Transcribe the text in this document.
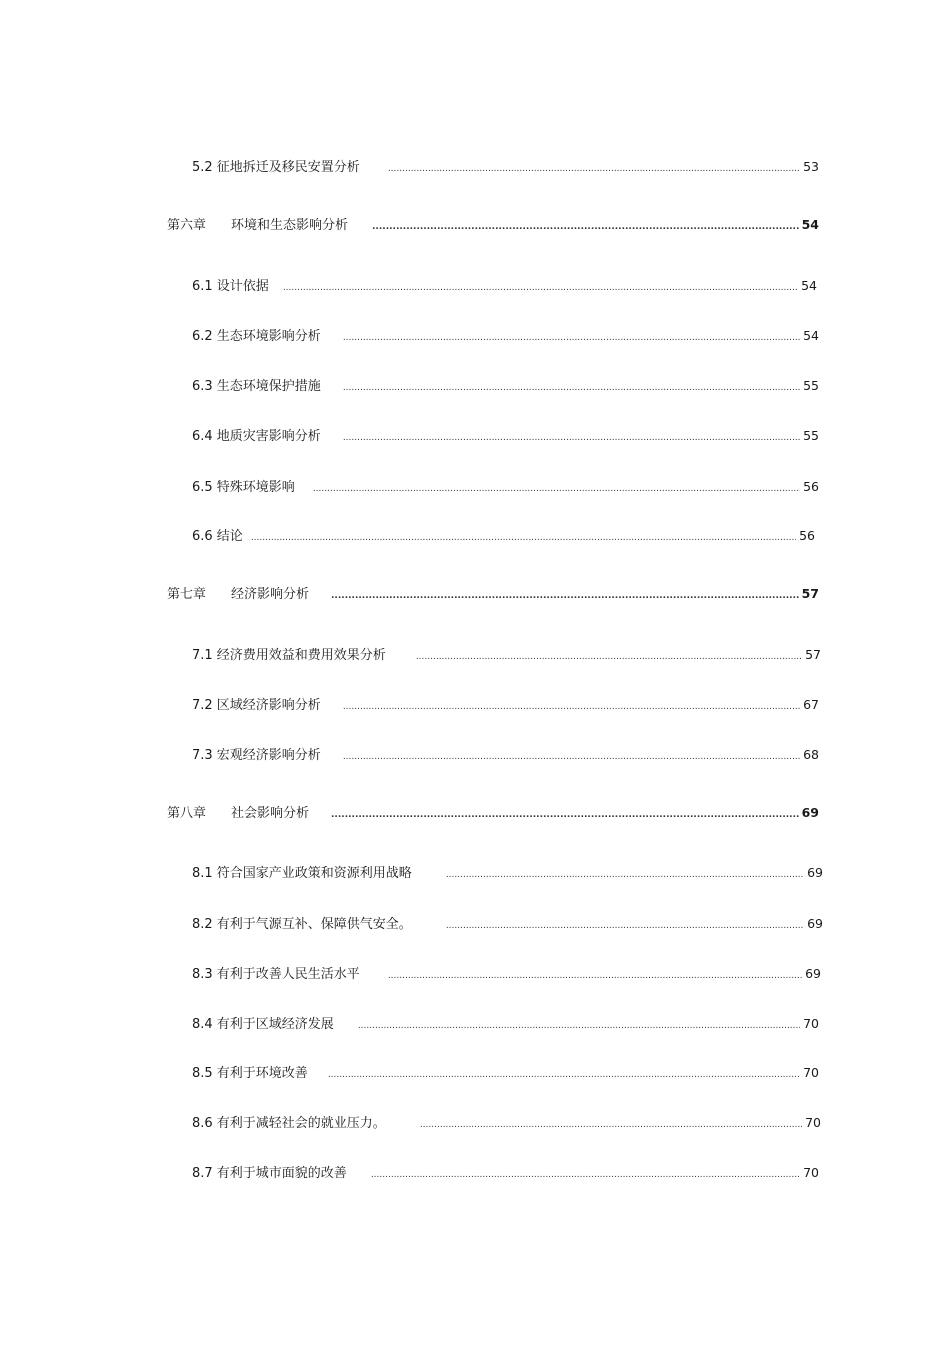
5.2 征地拆迁及移民安置分析 .....	53
第六章 环境和生态影响分析 .....	54
6.1 设计依据 .....	54
6.2 生态环境影响分析 .....	54
6.3 生态环境保护措施 .....	55
6.4 地质灾害影响分析 .....	55
6.5 特殊环境影响 .....	56
6.6 结论 .....	56
第七章 经济影响分析 .....	57
7.1 经济费用效益和费用效果分析 .....	57
7.2 区域经济影响分析 .....	67
7.3 宏观经济影响分析 .....	68
第八章 社会影响分析 .....	69
8.1 符合国家产业政策和资源利用战略 .....	69
8.2 有利于气源互补、保障供气安全。 .....	69
8.3 有利于改善人民生活水平 .....	69
8.4 有利于区域经济发展 .....	70
8.5 有利于环境改善 .....	70
8.6 有利于减轻社会的就业压力。 .....	70
8.7 有利于城市面貌的改善 .....	70
